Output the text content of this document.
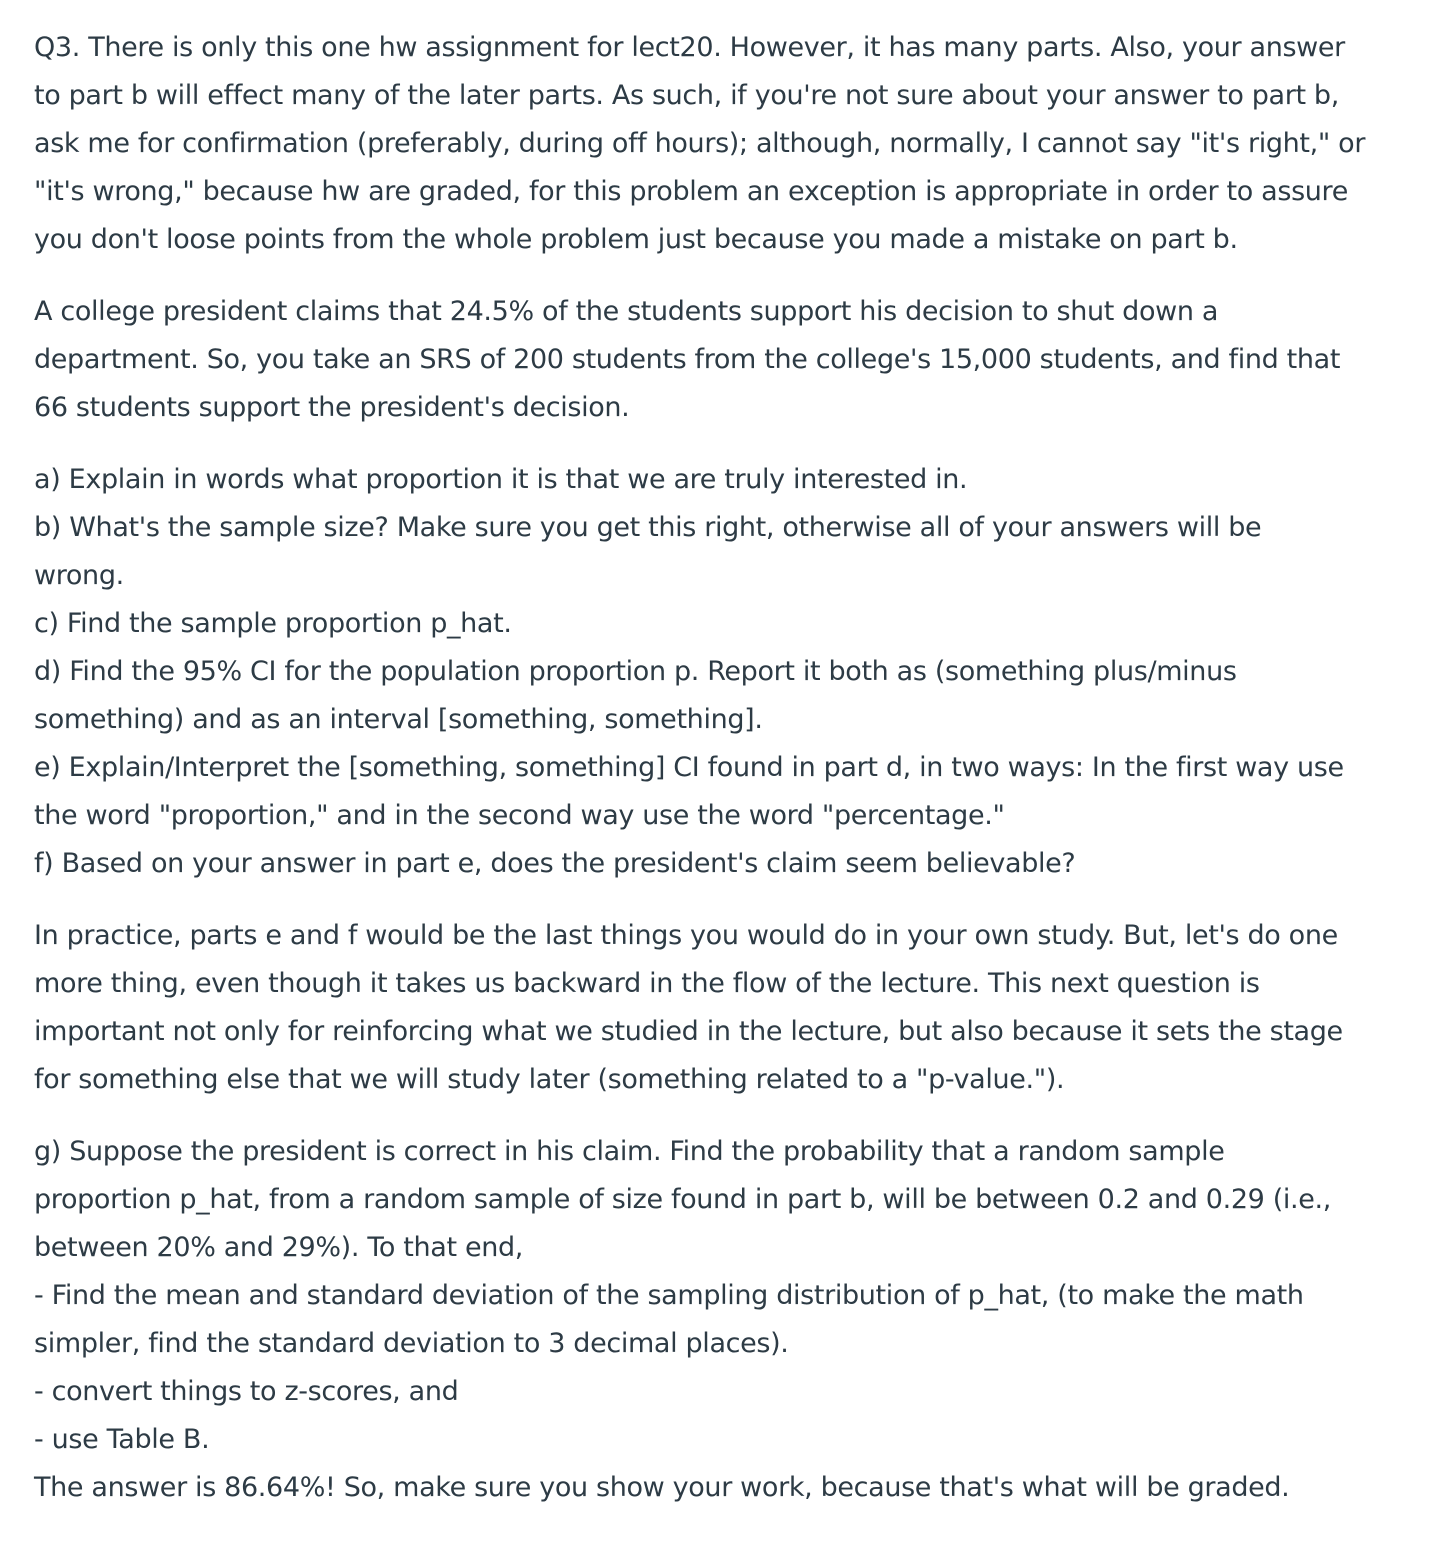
Q3. There is only this one hw assignment for lect20. However, it has many parts. Also, your answer
to part b will effect many of the later parts. As such, if you're not sure about your answer to part b,
ask me for confirmation (preferably, during off hours); although, normally, I cannot say "it's right," or
"it's wrong," because hw are graded, for this problem an exception is appropriate in order to assure
you don't loose points from the whole problem just because you made a mistake on part b.

A college president claims that 24.5% of the students support his decision to shut down a
department. So, you take an SRS of 200 students from the college's 15,000 students, and find that
66 students support the president's decision.

a) Explain in words what proportion it is that we are truly interested in.
b) What's the sample size? Make sure you get this right, otherwise all of your answers will be
wrong.
c) Find the sample proportion p_hat.
d) Find the 95% CI for the population proportion p. Report it both as (something plus/minus
something) and as an interval [something, something].
e) Explain/Interpret the [something, something] CI found in part d, in two ways: In the first way use
the word "proportion," and in the second way use the word "percentage."
f) Based on your answer in part e, does the president's claim seem believable?

In practice, parts e and f would be the last things you would do in your own study. But, let's do one
more thing, even though it takes us backward in the flow of the lecture. This next question is
important not only for reinforcing what we studied in the lecture, but also because it sets the stage
for something else that we will study later (something related to a "p-value.").

g) Suppose the president is correct in his claim. Find the probability that a random sample
proportion p_hat, from a random sample of size found in part b, will be between 0.2 and 0.29 (i.e.,
between 20% and 29%). To that end,
- Find the mean and standard deviation of the sampling distribution of p_hat, (to make the math
simpler, find the standard deviation to 3 decimal places).
- convert things to z-scores, and
- use Table B.
The answer is 86.64%! So, make sure you show your work, because that's what will be graded.
